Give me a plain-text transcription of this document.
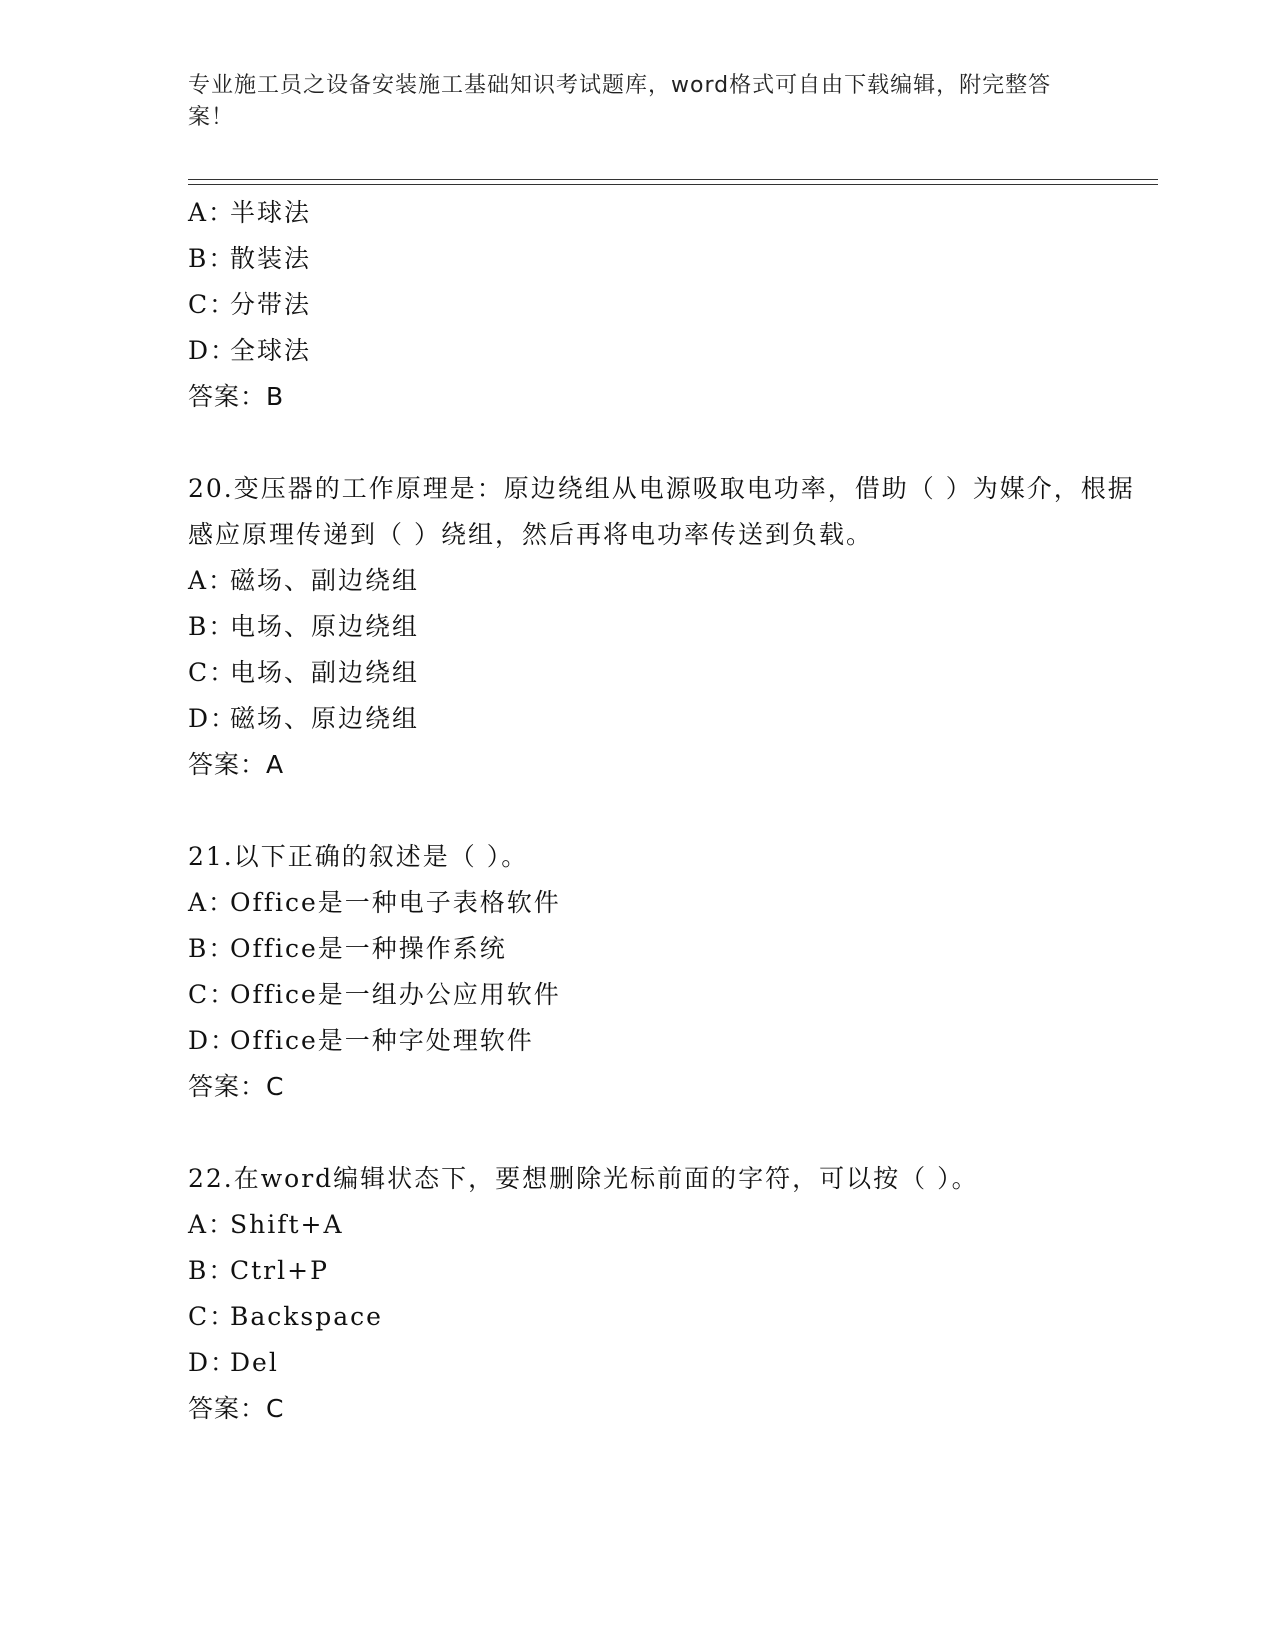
专业施工员之设备安装施工基础知识考试题库，word格式可自由下载编辑，附完整答案！
A：半球法
B：散装法
C：分带法
D：全球法
答案：B
20.变压器的工作原理是：原边绕组从电源吸取电功率，借助（ ）为媒介，根据感应原理传递到（ ）绕组，然后再将电功率传送到负载。
A：磁场、副边绕组
B：电场、原边绕组
C：电场、副边绕组
D：磁场、原边绕组
答案：A
21.以下正确的叙述是（ ）。
A：Office是一种电子表格软件
B：Office是一种操作系统
C：Office是一组办公应用软件
D：Office是一种字处理软件
答案：C
22.在word编辑状态下，要想删除光标前面的字符，可以按（ ）。
A：Shift+A
B：Ctrl+P
C：Backspace
D：Del
答案：C
